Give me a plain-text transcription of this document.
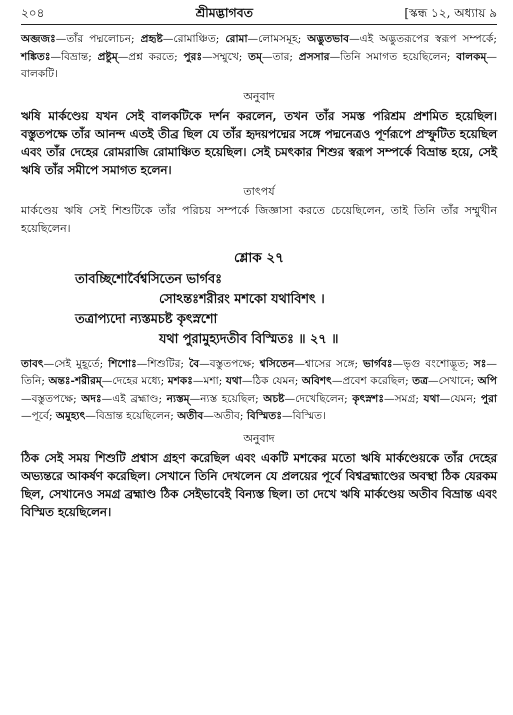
২০৪	শ্রীমদ্ভাগবত	[স্কন্ধ ১২, অধ্যায় ৯

অব্জজঃ—তাঁর পদ্মলোচন; প্রহৃষ্ট—রোমাঞ্চিত; রোমা—লোমসমূহ; অদ্ভুতভাব—এই অদ্ভুতরূপের স্বরূপ সম্পর্কে; শঙ্কিতঃ—বিভ্রান্ত; প্রষ্টুম্—প্রশ্ন করতে; পুরঃ—সম্মুখে; তম্—তার; প্রসসার—তিনি সমাগত হয়েছিলেন; বালকম্—বালকটি।

অনুবাদ

ঋষি মার্কণ্ডেয় যখন সেই বালকটিকে দর্শন করলেন, তখন তাঁর সমস্ত পরিশ্রম প্রশমিত হয়েছিল। বস্তুতপক্ষে তাঁর আনন্দ এতই তীব্র ছিল যে তাঁর হৃদয়পদ্মের সঙ্গে পদ্মনেত্রও পূর্ণরূপে প্রস্ফুটিত হয়েছিল এবং তাঁর দেহের রোমরাজি রোমাঞ্চিত হয়েছিল। সেই চমৎকার শিশুর স্বরূপ সম্পর্কে বিভ্রান্ত হয়ে, সেই ঋষি তাঁর সমীপে সমাগত হলেন।

তাৎপর্য

মার্কণ্ডেয় ঋষি সেই শিশুটিকে তাঁর পরিচয় সম্পর্কে জিজ্ঞাসা করতে চেয়েছিলেন, তাই তিনি তাঁর সম্মুখীন হয়েছিলেন।

শ্লোক ২৭
তাবচ্ছিশোর্বৈশ্বসিতেন ভার্গবঃ
সোঽন্তঃশরীরং মশকো যথাবিশৎ ।
তত্রাপ্যদো ন্যস্তমচষ্ট কৃৎস্নশো
যথা পুরামুহ্যদতীব বিস্মিতঃ ॥ ২৭ ॥

তাবৎ—সেই মুহূর্তে; শিশোঃ—শিশুটির; বৈ—বস্তুতপক্ষে; শ্বসিতেন—শ্বাসের সঙ্গে; ভার্গবঃ—ভৃগু বংশোদ্ভূত; সঃ—তিনি; অন্তঃ-শরীরম্—দেহের মধ্যে; মশকঃ—মশা; যথা—ঠিক যেমন; অবিশৎ—প্রবেশ করেছিল; তত্র—সেখানে; অপি—বস্তুতপক্ষে; অদঃ—এই ব্রহ্মাণ্ড; ন্যস্তম্—ন্যস্ত হয়েছিল; অচষ্ট—দেখেছিলেন; কৃৎস্নশঃ—সমগ্র; যথা—যেমন; পুরা—পূর্বে; অমুহ্যৎ—বিভ্রান্ত হয়েছিলেন; অতীব—অতীব; বিস্মিতঃ—বিস্মিত।

অনুবাদ

ঠিক সেই সময় শিশুটি প্রশ্বাস গ্রহণ করেছিল এবং একটি মশকের মতো ঋষি মার্কণ্ডেয়কে তাঁর দেহের অভ্যন্তরে আকর্ষণ করেছিল। সেখানে তিনি দেখলেন যে প্রলয়ের পূর্বে বিশ্বব্রহ্মাণ্ডের অবস্থা ঠিক যেরকম ছিল, সেখানেও সমগ্র ব্রহ্মাণ্ড ঠিক সেইভাবেই বিন্যস্ত ছিল। তা দেখে ঋষি মার্কণ্ডেয় অতীব বিভ্রান্ত এবং বিস্মিত হয়েছিলেন।
